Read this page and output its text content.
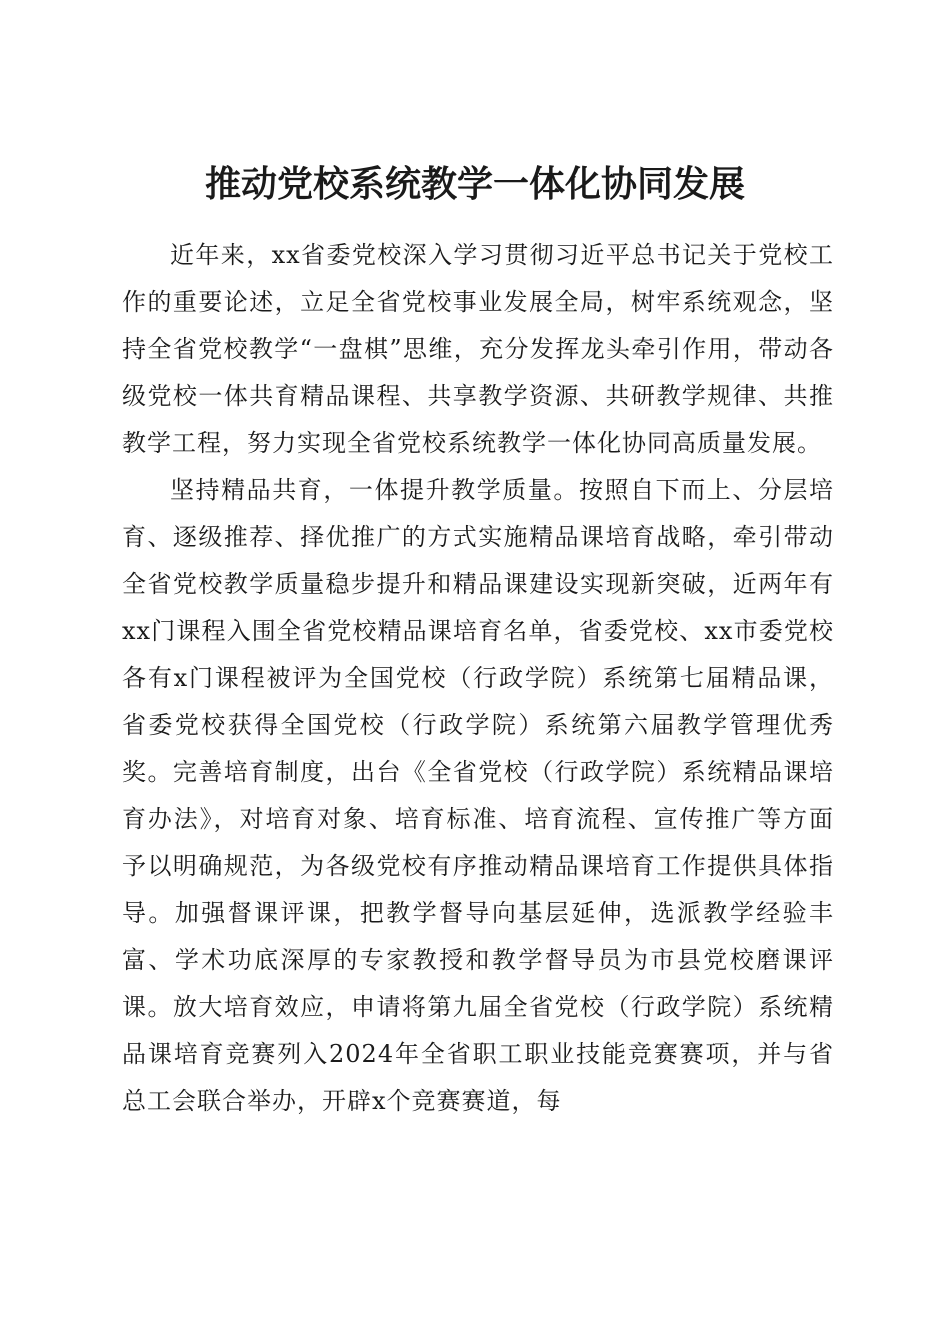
推动党校系统教学一体化协同发展

近年来，xx省委党校深入学习贯彻习近平总书记关于党校工作的重要论述，立足全省党校事业发展全局，树牢系统观念，坚持全省党校教学“一盘棋”思维，充分发挥龙头牵引作用，带动各级党校一体共育精品课程、共享教学资源、共研教学规律、共推教学工程，努力实现全省党校系统教学一体化协同高质量发展。

坚持精品共育，一体提升教学质量。按照自下而上、分层培育、逐级推荐、择优推广的方式实施精品课培育战略，牵引带动全省党校教学质量稳步提升和精品课建设实现新突破，近两年有xx门课程入围全省党校精品课培育名单，省委党校、xx市委党校各有x门课程被评为全国党校（行政学院）系统第七届精品课，省委党校获得全国党校（行政学院）系统第六届教学管理优秀奖。完善培育制度，出台《全省党校（行政学院）系统精品课培育办法》，对培育对象、培育标准、培育流程、宣传推广等方面予以明确规范，为各级党校有序推动精品课培育工作提供具体指导。加强督课评课，把教学督导向基层延伸，选派教学经验丰富、学术功底深厚的专家教授和教学督导员为市县党校磨课评课。放大培育效应，申请将第九届全省党校（行政学院）系统精品课培育竞赛列入2024年全省职工职业技能竞赛赛项，并与省总工会联合举办，开辟x个竞赛赛道，每
